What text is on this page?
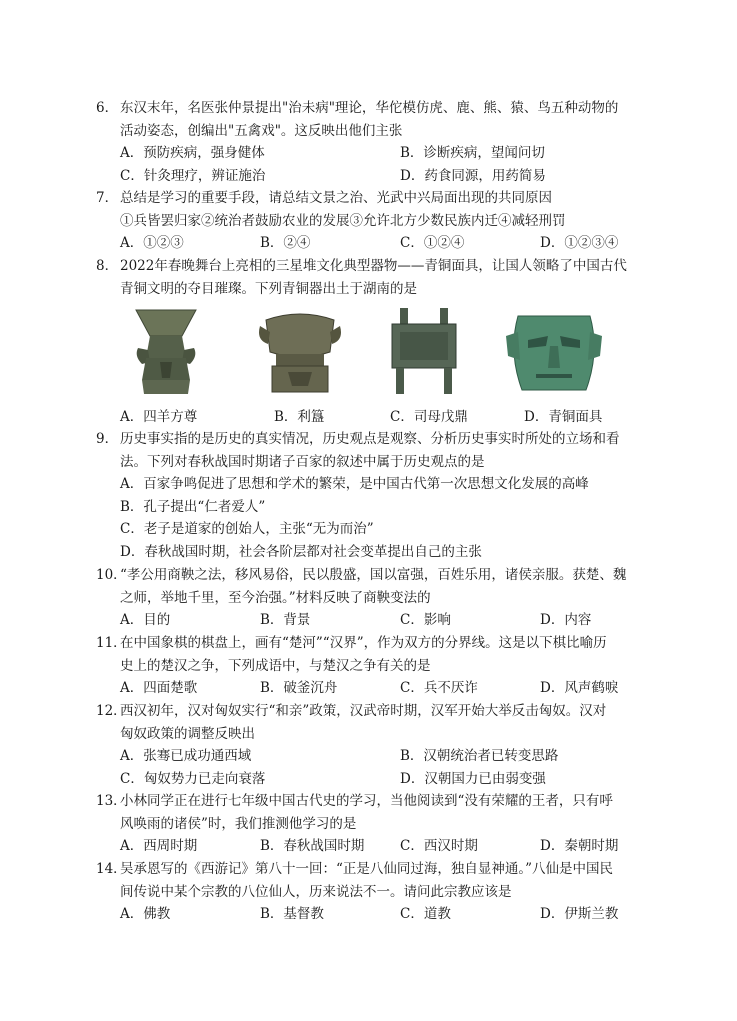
6． 东汉末年，名医张仲景提出"治未病"理论，华佗模仿虎、鹿、熊、猿、鸟五种动物的
活动姿态，创编出"五禽戏"。这反映出他们主张
A．预防疾病，强身健体	B．诊断疾病，望闻问切
C．针灸理疗，辨证施治	D．药食同源，用药简易
7． 总结是学习的重要手段，请总结文景之治、光武中兴局面出现的共同原因
①兵皆罢归家②统治者鼓励农业的发展③允许北方少数民族内迁④减轻刑罚
A．①②③	B．②④	C．①②④	D．①②③④
8． 2022年春晚舞台上亮相的三星堆文化典型器物——青铜面具，让国人领略了中国古代
青铜文明的夺目璀璨。下列青铜器出土于湖南的是
A．四羊方尊	B．利簋	C．司母戊鼎	D．青铜面具
9． 历史事实指的是历史的真实情况，历史观点是观察、分析历史事实时所处的立场和看
法。下列对春秋战国时期诸子百家的叙述中属于历史观点的是
A．百家争鸣促进了思想和学术的繁荣，是中国古代第一次思想文化发展的高峰
B．孔子提出“仁者爱人”
C．老子是道家的创始人，主张“无为而治”
D．春秋战国时期，社会各阶层都对社会变革提出自己的主张
10．“孝公用商鞅之法，移风易俗，民以殷盛，国以富强，百姓乐用，诸侯亲服。获楚、魏
之师，举地千里，至今治强。”材料反映了商鞅变法的
A．目的	B．背景	C．影响	D．内容
11．在中国象棋的棋盘上，画有“楚河”“汉界”，作为双方的分界线。这是以下棋比喻历
史上的楚汉之争，下列成语中，与楚汉之争有关的是
A．四面楚歌	B．破釜沉舟	C．兵不厌诈	D．风声鹤唳
12．西汉初年，汉对匈奴实行“和亲”政策，汉武帝时期，汉军开始大举反击匈奴。汉对
匈奴政策的调整反映出
A．张骞已成功通西域	B．汉朝统治者已转变思路
C．匈奴势力已走向衰落	D．汉朝国力已由弱变强
13．小林同学正在进行七年级中国古代史的学习，当他阅读到“没有荣耀的王者，只有呼
风唤雨的诸侯”时，我们推测他学习的是
A．西周时期	B．春秋战国时期	C．西汉时期	D．秦朝时期
14．吴承恩写的《西游记》第八十一回：“正是八仙同过海，独自显神通。”八仙是中国民
间传说中某个宗教的八位仙人，历来说法不一。请问此宗教应该是
A．佛教	B．基督教	C．道教	D．伊斯兰教
